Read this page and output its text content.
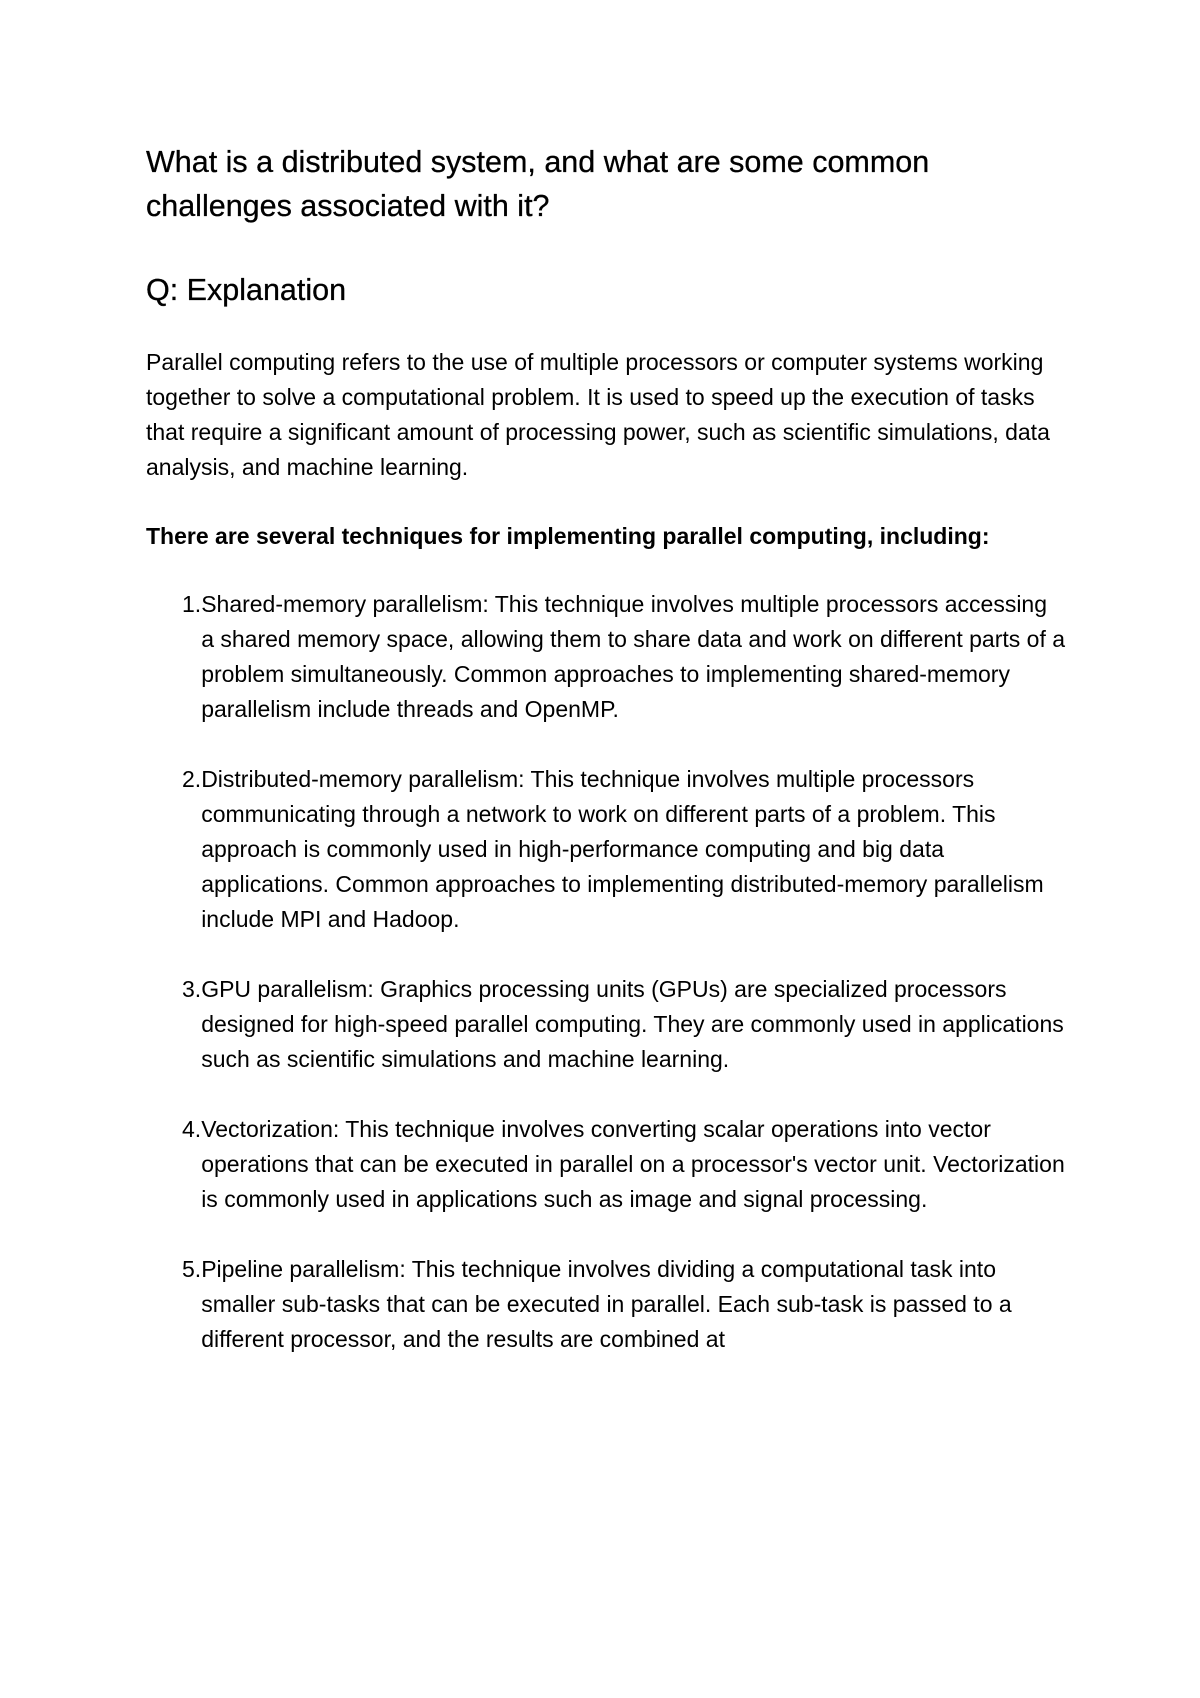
What is a distributed system, and what are some common challenges associated with it?
Q: Explanation

Parallel computing refers to the use of multiple processors or computer systems working together to solve a computational problem. It is used to speed up the execution of tasks that require a significant amount of processing power, such as scientific simulations, data analysis, and machine learning.

There are several techniques for implementing parallel computing, including:

1. Shared-memory parallelism: This technique involves multiple processors accessing a shared memory space, allowing them to share data and work on different parts of a problem simultaneously. Common approaches to implementing shared-memory parallelism include threads and OpenMP.
2. Distributed-memory parallelism: This technique involves multiple processors communicating through a network to work on different parts of a problem. This approach is commonly used in high-performance computing and big data applications. Common approaches to implementing distributed-memory parallelism include MPI and Hadoop.
3. GPU parallelism: Graphics processing units (GPUs) are specialized processors designed for high-speed parallel computing. They are commonly used in applications such as scientific simulations and machine learning.
4. Vectorization: This technique involves converting scalar operations into vector operations that can be executed in parallel on a processor's vector unit. Vectorization is commonly used in applications such as image and signal processing.
5. Pipeline parallelism: This technique involves dividing a computational task into smaller sub-tasks that can be executed in parallel. Each sub-task is passed to a different processor, and the results are combined at
